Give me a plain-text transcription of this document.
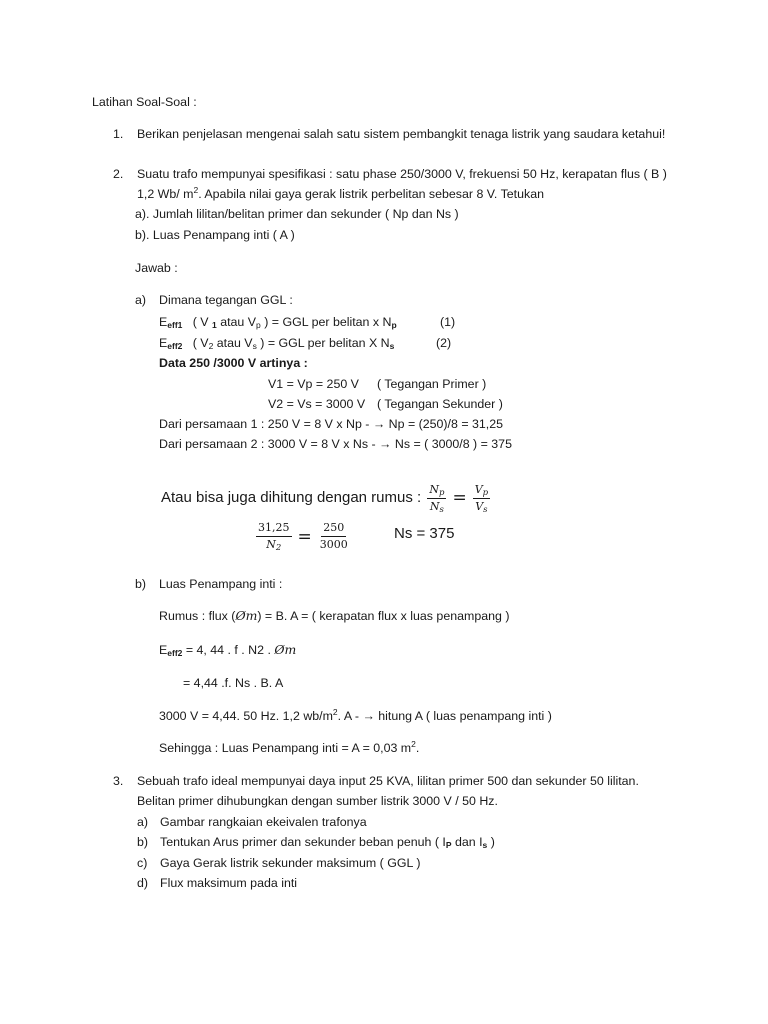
Latihan Soal-Soal :
1. Berikan penjelasan mengenai salah satu sistem pembangkit tenaga listrik yang saudara ketahui!
2. Suatu trafo mempunyai spesifikasi : satu phase 250/3000 V, frekuensi 50 Hz, kerapatan flus ( B )
1,2 Wb/ $m^2$. Apabila nilai gaya gerak listrik perbelitan sebesar 8 V. Tetukan
a). Jumlah lilitan/belitan primer dan sekunder ( Np dan Ns )
b). Luas Penampang inti ( A )
Jawab :
a) Dimana tegangan GGL :
$E_{eff1}$ ( V $_1$ atau $V_p$ ) = GGL per belitan x $N_p$	(1)
$E_{eff2}$ ( $V_2$ atau $V_s$ ) = GGL per belitan X $N_s$	(2)
Data 250 /3000 V artinya :
V1 = Vp = 250 V ( Tegangan Primer )
V2 = Vs = 3000 V ( Tegangan Sekunder )
Dari persamaan 1 : 250 V = 8 V x Np - → Np = (250)/8 = 31,25
Dari persamaan 2 : 3000 V = 8 V x Ns - → Ns = ( 3000/8 ) = 375
Atau bisa juga dihitung dengan rumus : $\frac{N_p}{N_s} = \frac{V_p}{V_s}$
$\frac{31,25}{N_2} = \frac{250}{3000}$	Ns = 375
b) Luas Penampang inti :
Rumus : flux (Øm) = B. A = ( kerapatan flux x luas penampang )
$E_{eff2} = 4$, 44 . f . N2 . Øm
= 4,44 .f. Ns . B. A
3000 V = 4,44. 50 Hz. 1,2 $wb/m^2$. A - → hitung A ( luas penampang inti )
Sehingga : Luas Penampang inti = A = 0,03 $m^2$.
3. Sebuah trafo ideal mempunyai daya input 25 KVA, lilitan primer 500 dan sekunder 50 lilitan.
Belitan primer dihubungkan dengan sumber listrik 3000 V / 50 Hz.
a) Gambar rangkaian ekeivalen trafonya
b) Tentukan Arus primer dan sekunder beban penuh ( $I_P$ dan $I_s$ )
c) Gaya Gerak listrik sekunder maksimum ( GGL )
d) Flux maksimum pada inti
